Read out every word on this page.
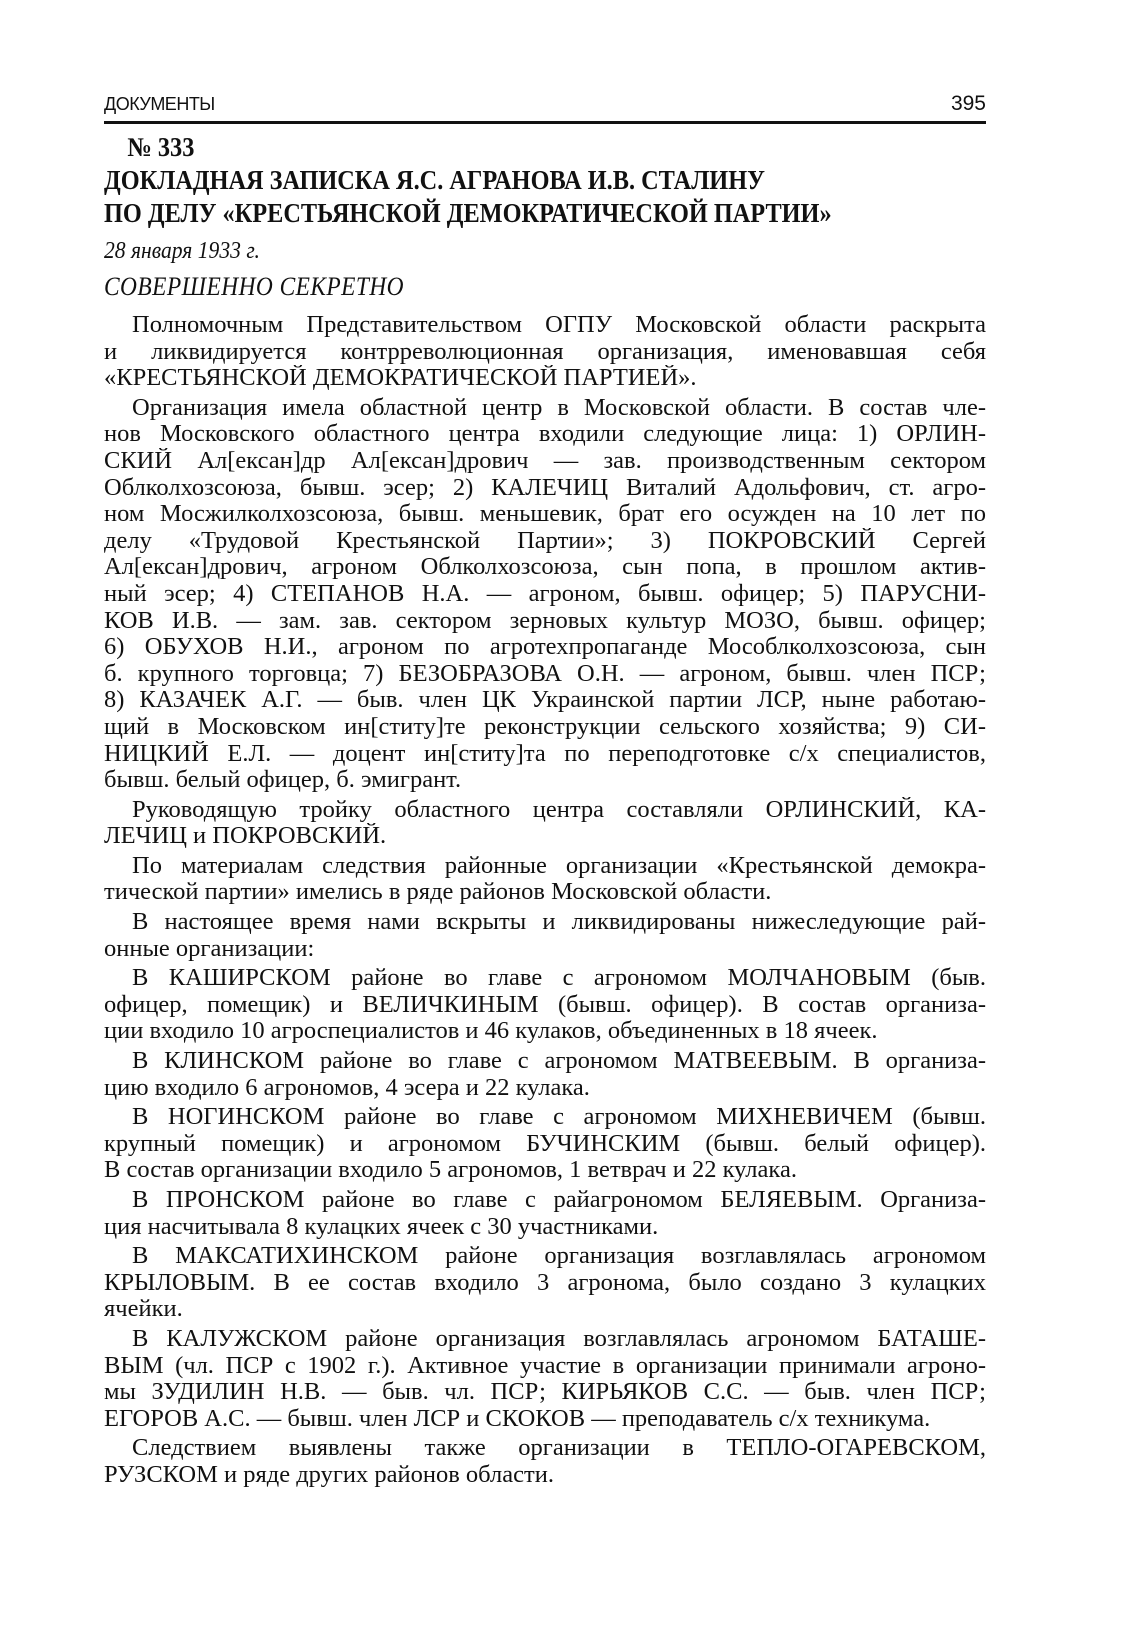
ДОКУМЕНТЫ	395
№ 333
ДОКЛАДНАЯ ЗАПИСКА Я.С. АГРАНОВА И.В. СТАЛИНУ
ПО ДЕЛУ «КРЕСТЬЯНСКОЙ ДЕМОКРАТИЧЕСКОЙ ПАРТИИ»
28 января 1933 г.
СОВЕРШЕННО СЕКРЕТНО
Полномочным Представительством ОГПУ Московской области раскрыта
и ликвидируется контрреволюционная организация, именовавшая себя
«КРЕСТЬЯНСКОЙ ДЕМОКРАТИЧЕСКОЙ ПАРТИЕЙ».
Организация имела областной центр в Московской области. В состав чле-
нов Московского областного центра входили следующие лица: 1) ОРЛИН-
СКИЙ Ал[ексан]др Ал[ексан]дрович — зав. производственным сектором
Облколхозсоюза, бывш. эсер; 2) КАЛЕЧИЦ Виталий Адольфович, ст. агро-
ном Мосжилколхозсоюза, бывш. меньшевик, брат его осужден на 10 лет по
делу «Трудовой Крестьянской Партии»; 3) ПОКРОВСКИЙ Сергей
Ал[ексан]дрович, агроном Облколхозсоюза, сын попа, в прошлом актив-
ный эсер; 4) СТЕПАНОВ Н.А. — агроном, бывш. офицер; 5) ПАРУСНИ-
КОВ И.В. — зам. зав. сектором зерновых культур МОЗО, бывш. офицер;
6) ОБУХОВ Н.И., агроном по агротехпропаганде Мособлколхозсоюза, сын
б. крупного торговца; 7) БЕЗОБРАЗОВА О.Н. — агроном, бывш. член ПСР;
8) КАЗАЧЕК А.Г. — быв. член ЦК Украинской партии ЛСР, ныне работаю-
щий в Московском ин[ститу]те реконструкции сельского хозяйства; 9) СИ-
НИЦКИЙ Е.Л. — доцент ин[ститу]та по переподготовке с/х специалистов,
бывш. белый офицер, б. эмигрант.
Руководящую тройку областного центра составляли ОРЛИНСКИЙ, КА-
ЛЕЧИЦ и ПОКРОВСКИЙ.
По материалам следствия районные организации «Крестьянской демокра-
тической партии» имелись в ряде районов Московской области.
В настоящее время нами вскрыты и ликвидированы нижеследующие рай-
онные организации:
В КАШИРСКОМ районе во главе с агрономом МОЛЧАНОВЫМ (быв.
офицер, помещик) и ВЕЛИЧКИНЫМ (бывш. офицер). В состав организа-
ции входило 10 агроспециалистов и 46 кулаков, объединенных в 18 ячеек.
В КЛИНСКОМ районе во главе с агрономом МАТВЕЕВЫМ. В организа-
цию входило 6 агрономов, 4 эсера и 22 кулака.
В НОГИНСКОМ районе во главе с агрономом МИХНЕВИЧЕМ (бывш.
крупный помещик) и агрономом БУЧИНСКИМ (бывш. белый офицер).
В состав организации входило 5 агрономов, 1 ветврач и 22 кулака.
В ПРОНСКОМ районе во главе с райагрономом БЕЛЯЕВЫМ. Организа-
ция насчитывала 8 кулацких ячеек с 30 участниками.
В МАКСАТИХИНСКОМ районе организация возглавлялась агрономом
КРЫЛОВЫМ. В ее состав входило 3 агронома, было создано 3 кулацких
ячейки.
В КАЛУЖСКОМ районе организация возглавлялась агрономом БАТАШЕ-
ВЫМ (чл. ПСР с 1902 г.). Активное участие в организации принимали агроно-
мы ЗУДИЛИН Н.В. — быв. чл. ПСР; КИРЬЯКОВ С.С. — быв. член ПСР;
ЕГОРОВ А.С. — бывш. член ЛСР и СКОКОВ — преподаватель с/х техникума.
Следствием выявлены также организации в ТЕПЛО-ОГАРЕВСКОМ,
РУЗСКОМ и ряде других районов области.
